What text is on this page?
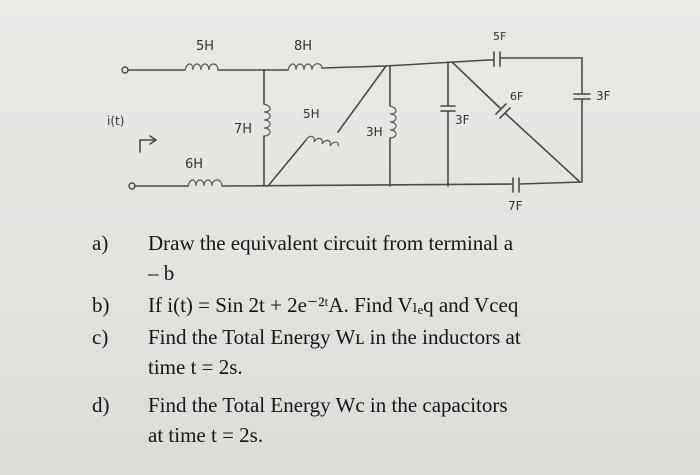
i(t)
5H	8H
5F
6H
7F
7H
5H
3H
3F
6F	3F
a) Draw the equivalent circuit from terminal a
– b
b) If i(t) = Sin 2t + 2e⁻²ᵗA. Find Vₗₑq and Vceq
c) Find the Total Energy Wʟ in the inductors at
time t = 2s.
d) Find the Total Energy Wc in the capacitors
at time t = 2s.
